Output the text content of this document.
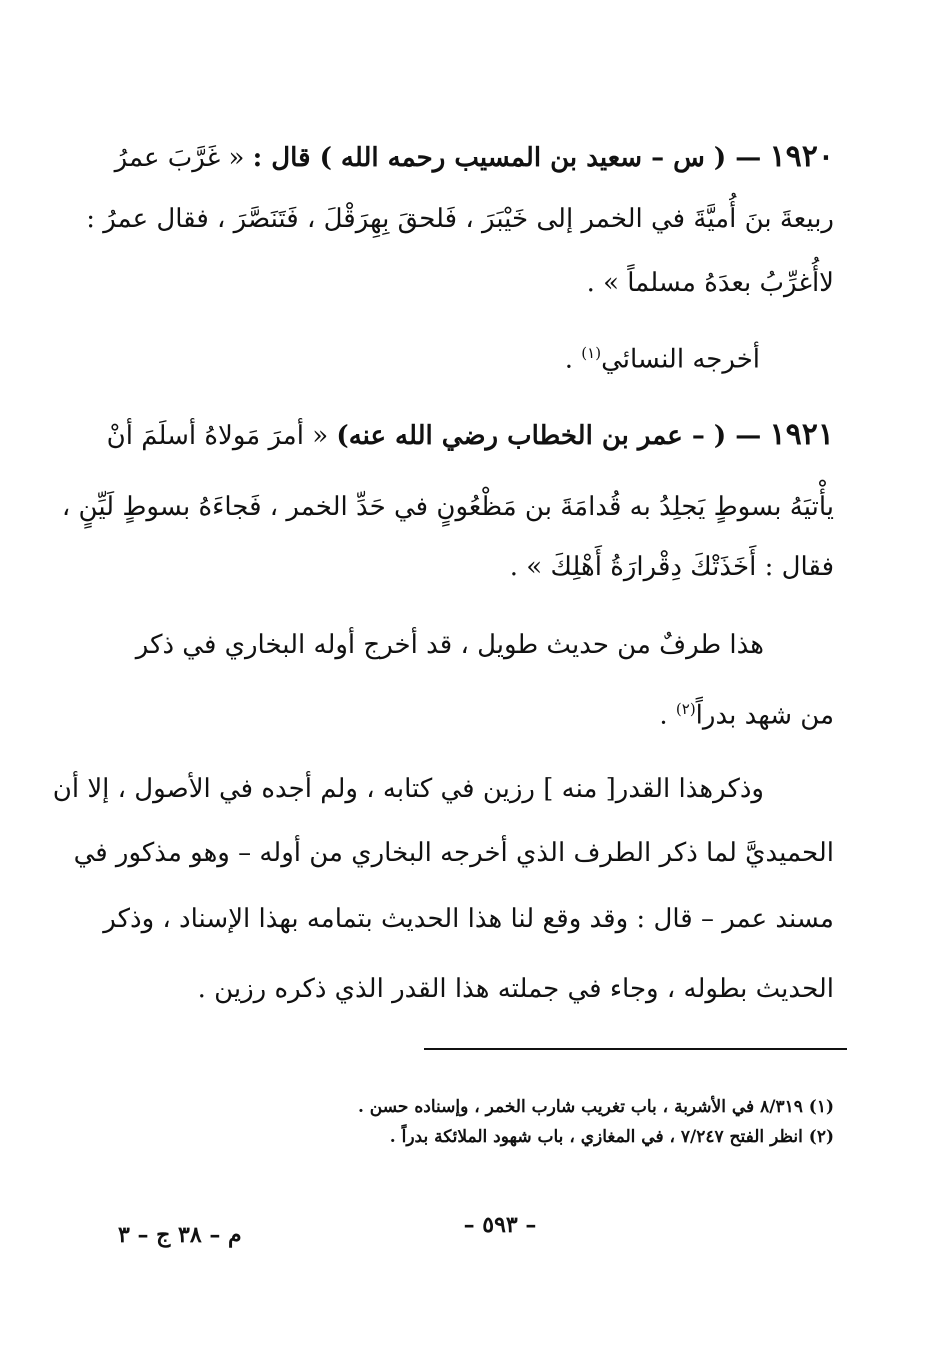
١٩٢٠ — ( س – سعيد بن المسيب رحمه الله ) قال : « غَرَّبَ عمرُ
ربيعةَ بنَ أُميَّةَ في الخمر إلى خَيْبَرَ ، فَلحقَ بِهِرَقْلَ ، فَتَنَصَّرَ ، فقال عمرُ :
لاأُغرِّبُ بعدَهُ مسلماً » .
أخرجه النسائي$^{(١)}$ .
١٩٢١ — ( – عمر بن الخطاب رضي الله عنه) « أمرَ مَولاهُ أسلَمَ أنْ
يأْتيَهُ بسوطٍ يَجلِدُ به قُدامَةَ بن مَظْعُونٍ في حَدِّ الخمر ، فَجاءَهُ بسوطٍ لَيِّنٍ ،
فقال : أَخَذَتْكَ دِقْرارَةُ أَهْلِكَ » .
هذا طرفٌ من حديث طويل ، قد أخرج أوله البخاري في ذكر
من شهد بدراً$^{(٢)}$ .
وذكرهذا القدر[ منه ] رزين في كتابه ، ولم أجده في الأصول ، إلا أن
الحميديَّ لما ذكر الطرف الذي أخرجه البخاري من أوله – وهو مذكور في
مسند عمر – قال : وقد وقع لنا هذا الحديث بتمامه بهذا الإسناد ، وذكر
الحديث بطوله ، وجاء في جملته هذا القدر الذي ذكره رزين .
(١) ٨/٣١٩ في الأشربة ، باب تغريب شارب الخمر ، وإسناده حسن .
(٢) انظر الفتح ٧/٢٤٧ ، في المغازي ، باب شهود الملائكة بدراً .
– ٥٩٣ –
م – ٣٨ ج – ٣
